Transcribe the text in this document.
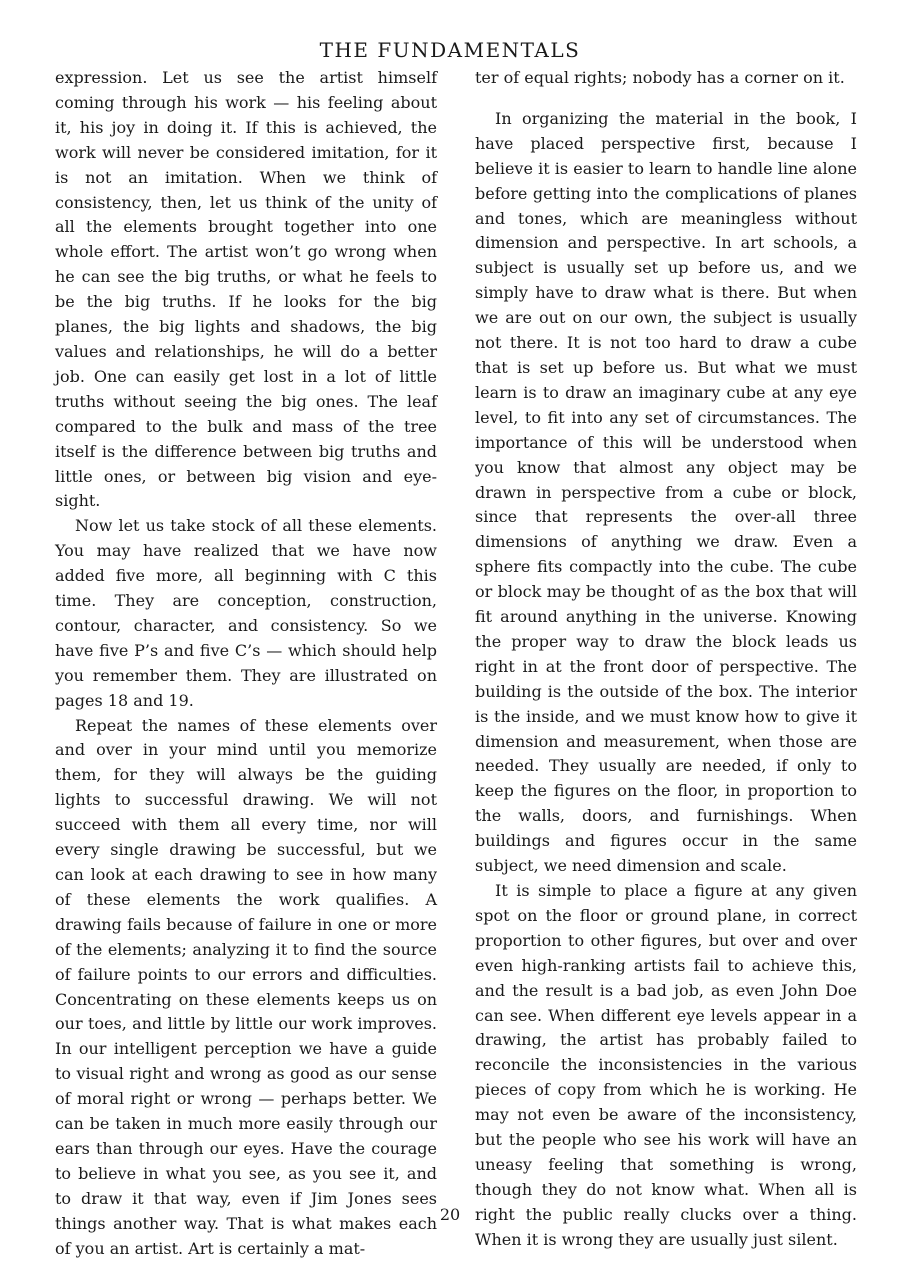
THE FUNDAMENTALS

expression. Let us see the artist himself coming through his work — his feeling about it, his joy in doing it. If this is achieved, the work will never be considered imitation, for it is not an imitation. When we think of consistency, then, let us think of the unity of all the elements brought together into one whole effort. The artist won’t go wrong when he can see the big truths, or what he feels to be the big truths. If he looks for the big planes, the big lights and shadows, the big values and relationships, he will do a better job. One can easily get lost in a lot of little truths without seeing the big ones. The leaf compared to the bulk and mass of the tree itself is the difference between big truths and little ones, or between big vision and eye-sight.

Now let us take stock of all these elements. You may have realized that we have now added five more, all beginning with C this time. They are conception, construction, contour, character, and consistency. So we have five P’s and five C’s — which should help you remember them. They are illustrated on pages 18 and 19.

Repeat the names of these elements over and over in your mind until you memorize them, for they will always be the guiding lights to successful drawing. We will not succeed with them all every time, nor will every single drawing be successful, but we can look at each drawing to see in how many of these elements the work qualifies. A drawing fails because of failure in one or more of the elements; analyzing it to find the source of failure points to our errors and difficulties. Concentrating on these elements keeps us on our toes, and little by little our work improves. In our intelligent perception we have a guide to visual right and wrong as good as our sense of moral right or wrong — perhaps better. We can be taken in much more easily through our ears than through our eyes. Have the courage to believe in what you see, as you see it, and to draw it that way, even if Jim Jones sees things another way. That is what makes each of you an artist. Art is certainly a mat-

ter of equal rights; nobody has a corner on it.

In organizing the material in the book, I have placed perspective first, because I believe it is easier to learn to handle line alone before getting into the complications of planes and tones, which are meaningless without dimension and perspective. In art schools, a subject is usually set up before us, and we simply have to draw what is there. But when we are out on our own, the subject is usually not there. It is not too hard to draw a cube that is set up before us. But what we must learn is to draw an imaginary cube at any eye level, to fit into any set of circumstances. The importance of this will be understood when you know that almost any object may be drawn in perspective from a cube or block, since that represents the over-all three dimensions of anything we draw. Even a sphere fits compactly into the cube. The cube or block may be thought of as the box that will fit around anything in the universe. Knowing the proper way to draw the block leads us right in at the front door of perspective. The building is the outside of the box. The interior is the inside, and we must know how to give it dimension and measurement, when those are needed. They usually are needed, if only to keep the figures on the floor, in proportion to the walls, doors, and furnishings. When buildings and figures occur in the same subject, we need dimension and scale.

It is simple to place a figure at any given spot on the floor or ground plane, in correct proportion to other figures, but over and over even high-ranking artists fail to achieve this, and the result is a bad job, as even John Doe can see. When different eye levels appear in a drawing, the artist has probably failed to reconcile the inconsistencies in the various pieces of copy from which he is working. He may not even be aware of the inconsistency, but the people who see his work will have an uneasy feeling that something is wrong, though they do not know what. When all is right the public really clucks over a thing. When it is wrong they are usually just silent.

20
